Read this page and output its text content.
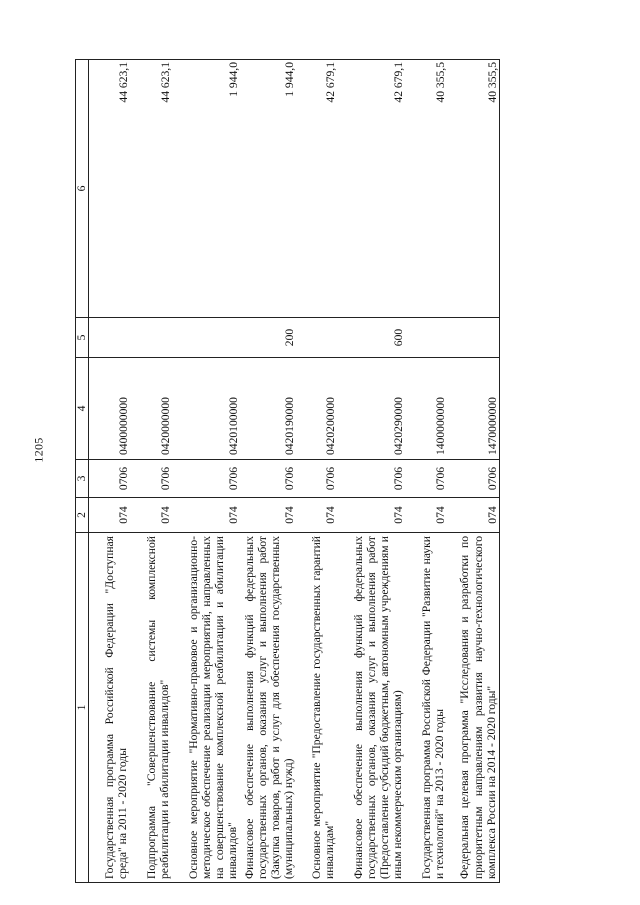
1205
1	2	3	4	5	6
Государственная программа Российской Федерации "Доступная среда" на 2011 - 2020 годы	074	0706	0400000000		44 623,1
Подпрограмма "Совершенствование системы комплексной реабилитации и абилитации инвалидов"	074	0706	0420000000		44 623,1
Основное мероприятие "Нормативно-правовое и организационно-методическое обеспечение реализации мероприятий, направленных на совершенствование комплексной реабилитации и абилитации инвалидов"	074	0706	0420100000		1 944,0
Финансовое обеспечение выполнения функций федеральных государственных органов, оказания услуг и выполнения работ (Закупка товаров, работ и услуг для обеспечения государственных (муниципальных) нужд)	074	0706	0420190000	200	1 944,0
Основное мероприятие "Предоставление государственных гарантий инвалидам"	074	0706	0420200000		42 679,1
Финансовое обеспечение выполнения функций федеральных государственных органов, оказания услуг и выполнения работ (Предоставление субсидий бюджетным, автономным учреждениям и иным некоммерческим организациям)	074	0706	0420290000	600	42 679,1
Государственная программа Российской Федерации "Развитие науки и технологий" на 2013 - 2020 годы	074	0706	1400000000		40 355,5
Федеральная целевая программа "Исследования и разработки по приоритетным направлениям развития научно-технологического комплекса России на 2014 - 2020 годы"	074	0706	1470000000		40 355,5
